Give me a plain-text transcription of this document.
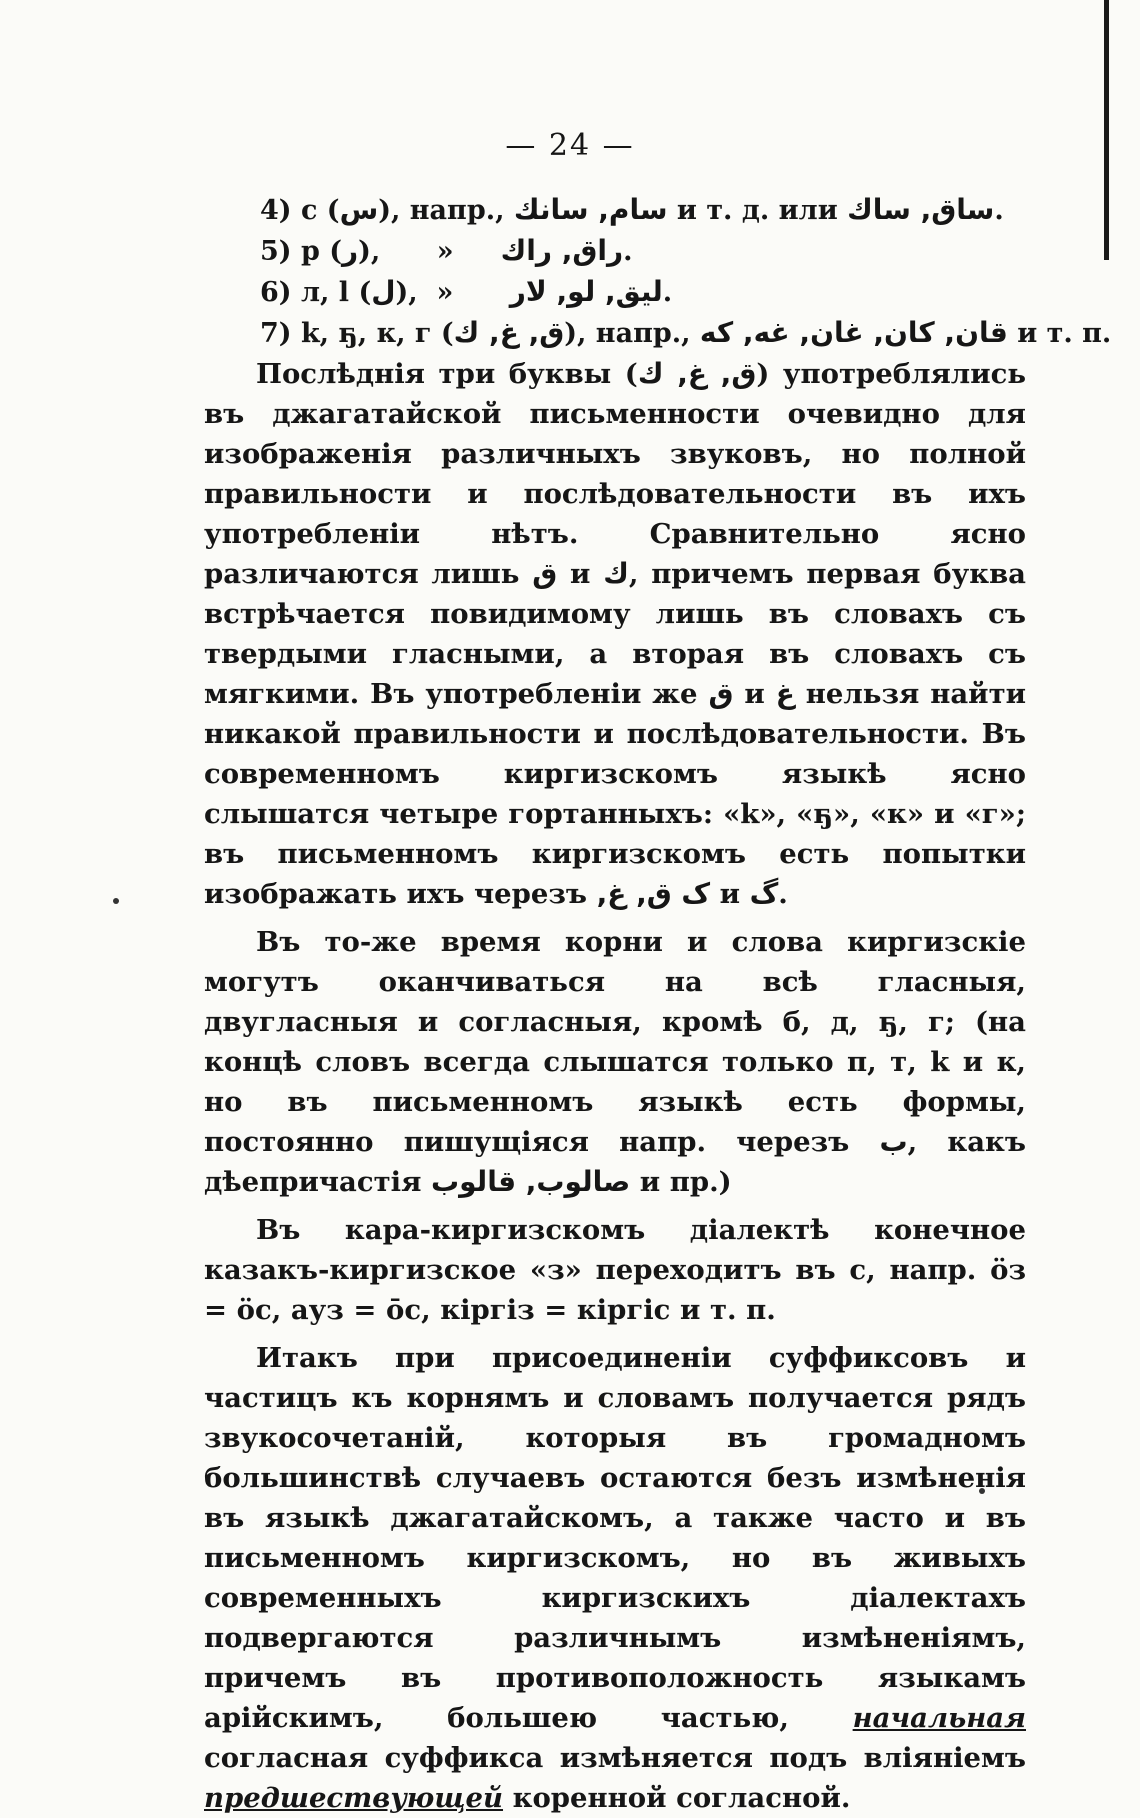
— 24 —
4) с (س), напр., سام, سانك и т. д. или ساق, ساك.
5) р (ر),      »     راق, راك.
6) л, l (ل),  »      ليق, لو, لار.
7) k, ҕ, к, г (ق, غ, ك), напр., قان, كان, غان, غه, كه и т. п.

Послѣднія три буквы (ق, غ, ك) употреблялись въ джагатайской письменности очевидно для изображенія различныхъ звуковъ, но полной правильности и послѣдовательности въ ихъ употребленіи нѣтъ. Сравнительно ясно различаются лишь ق и ك, причемъ первая буква встрѣчается повидимому лишь въ словахъ съ твердыми гласными, а вторая въ словахъ съ мягкими. Въ употребленіи же ق и غ нельзя найти никакой правильности и послѣдовательности. Въ современномъ киргизскомъ языкѣ ясно слышатся четыре гортанныхъ: «k», «ҕ», «к» и «г»; въ письменномъ киргизскомъ есть попытки изображать ихъ черезъ ق, غ, ک и گ.

Въ то-же время корни и слова киргизскіе могутъ оканчиваться на всѣ гласныя, двугласныя и согласныя, кромѣ б, д, ҕ, г; (на концѣ словъ всегда слышатся только п, т, k и к, но въ письменномъ языкѣ есть формы, постоянно пишущіяся напр. черезъ ب, какъ дѣепричастія صالوب, قالوب и пр.)

Въ кара-киргизскомъ діалектѣ конечное казакъ-киргизское «з» переходитъ въ с, напр. ӧз = ӧс, ауз = ōс, кіргіз = кіргіс и т. п.

Итакъ при присоединеніи суффиксовъ и частицъ къ корнямъ и словамъ получается рядъ звукосочетаній, которыя въ громадномъ большинствѣ случаевъ остаются безъ измѣненія въ языкѣ джагатайскомъ, а также часто и въ письменномъ киргизскомъ, но въ живыхъ современныхъ киргизскихъ діалектахъ подвергаются различнымъ измѣненіямъ, причемъ въ противоположность языкамъ арійскимъ, большею частью, начальная согласная суффикса измѣняется подъ вліяніемъ предшествующей коренной согласной.
